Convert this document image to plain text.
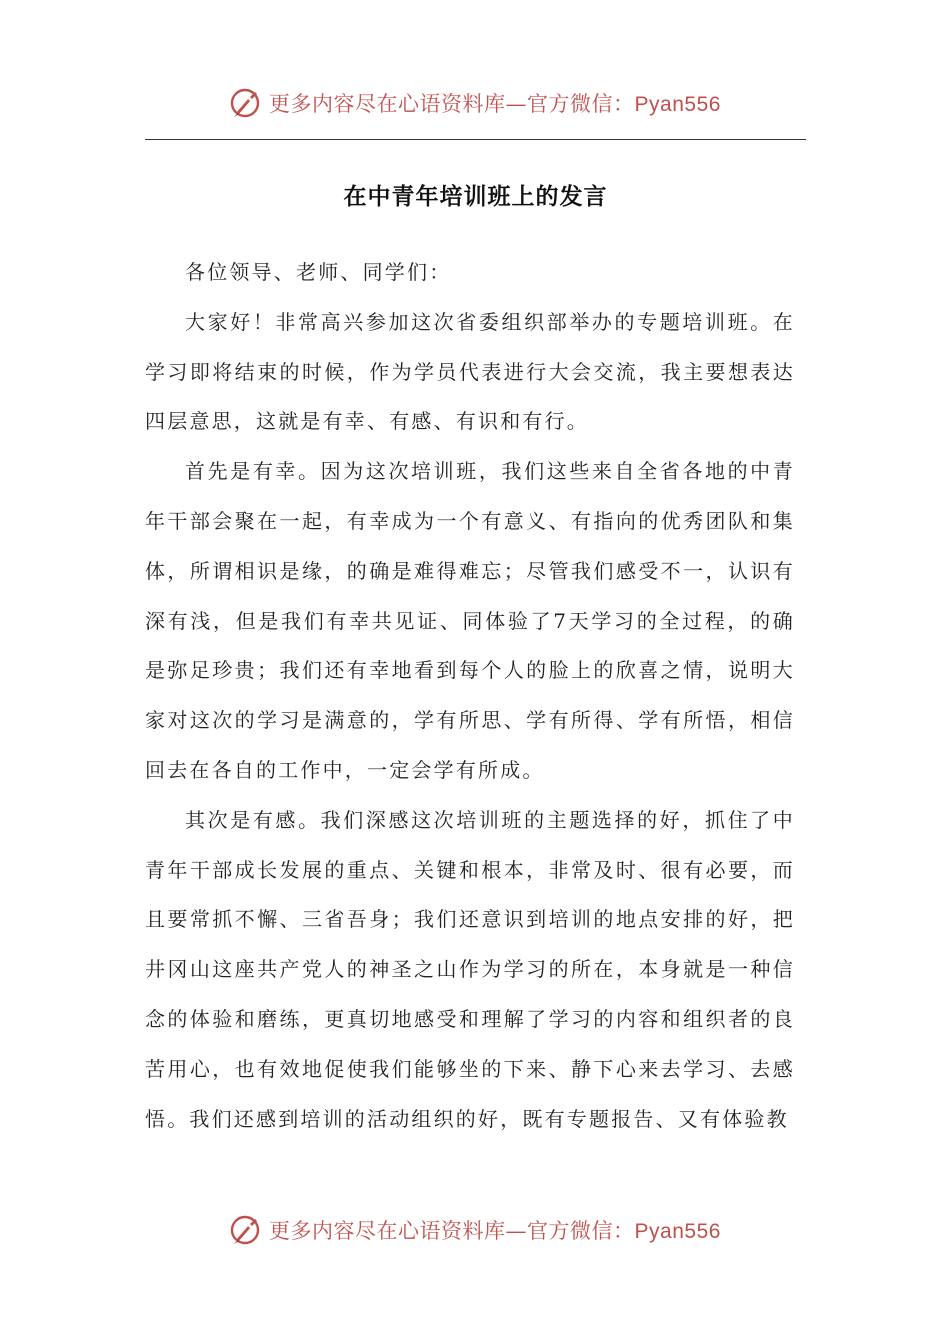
更多内容尽在心语资料库—官方微信：Pyan556
在中青年培训班上的发言

各位领导、老师、同学们：

大家好！非常高兴参加这次省委组织部举办的专题培训班。在学习即将结束的时候，作为学员代表进行大会交流，我主要想表达四层意思，这就是有幸、有感、有识和有行。

首先是有幸。因为这次培训班，我们这些来自全省各地的中青年干部会聚在一起，有幸成为一个有意义、有指向的优秀团队和集体，所谓相识是缘，的确是难得难忘；尽管我们感受不一，认识有深有浅，但是我们有幸共见证、同体验了7天学习的全过程，的确是弥足珍贵；我们还有幸地看到每个人的脸上的欣喜之情，说明大家对这次的学习是满意的，学有所思、学有所得、学有所悟，相信回去在各自的工作中，一定会学有所成。

其次是有感。我们深感这次培训班的主题选择的好，抓住了中青年干部成长发展的重点、关键和根本，非常及时、很有必要，而且要常抓不懈、三省吾身；我们还意识到培训的地点安排的好，把井冈山这座共产党人的神圣之山作为学习的所在，本身就是一种信念的体验和磨练，更真切地感受和理解了学习的内容和组织者的良苦用心，也有效地促使我们能够坐的下来、静下心来去学习、去感悟。我们还感到培训的活动组织的好，既有专题报告、又有体验教

更多内容尽在心语资料库—官方微信：Pyan556
